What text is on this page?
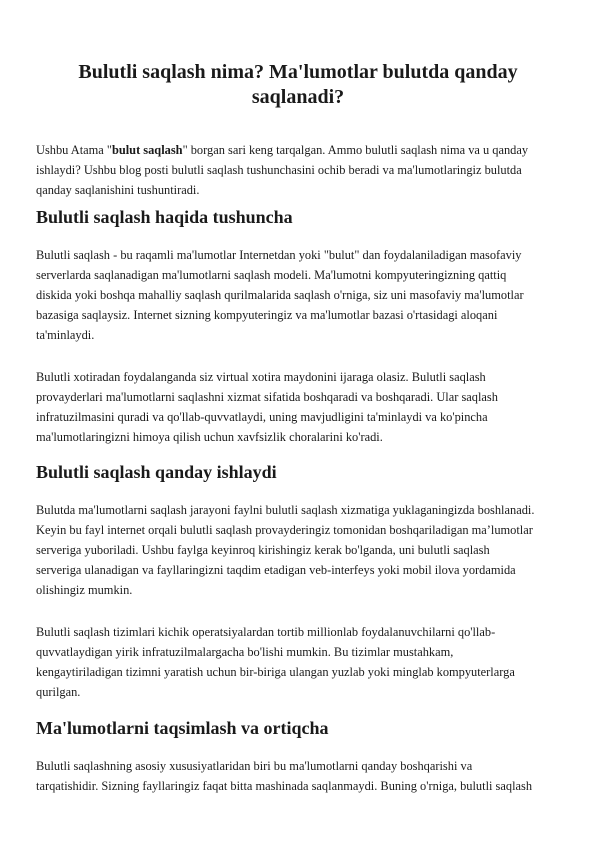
Bulutli saqlash nima? Ma'lumotlar bulutda qanday
saqlanadi?
Ushbu Atama "bulut saqlash" borgan sari keng tarqalgan. Ammo bulutli saqlash nima va u qanday
ishlaydi? Ushbu blog posti bulutli saqlash tushunchasini ochib beradi va ma'lumotlaringiz bulutda
qanday saqlanishini tushuntiradi.
Bulutli saqlash haqida tushuncha
Bulutli saqlash - bu raqamli ma'lumotlar Internetdan yoki "bulut" dan foydalaniladigan masofaviy
serverlarda saqlanadigan ma'lumotlarni saqlash modeli. Ma'lumotni kompyuteringizning qattiq
diskida yoki boshqa mahalliy saqlash qurilmalarida saqlash o'rniga, siz uni masofaviy ma'lumotlar
bazasiga saqlaysiz. Internet sizning kompyuteringiz va ma'lumotlar bazasi o'rtasidagi aloqani
ta'minlaydi.
Bulutli xotiradan foydalanganda siz virtual xotira maydonini ijaraga olasiz. Bulutli saqlash
provayderlari ma'lumotlarni saqlashni xizmat sifatida boshqaradi va boshqaradi. Ular saqlash
infratuzilmasini quradi va qo'llab-quvvatlaydi, uning mavjudligini ta'minlaydi va ko'pincha
ma'lumotlaringizni himoya qilish uchun xavfsizlik choralarini ko'radi.
Bulutli saqlash qanday ishlaydi
Bulutda ma'lumotlarni saqlash jarayoni faylni bulutli saqlash xizmatiga yuklaganingizda boshlanadi.
Keyin bu fayl internet orqali bulutli saqlash provayderingiz tomonidan boshqariladigan maʼlumotlar
serveriga yuboriladi. Ushbu faylga keyinroq kirishingiz kerak bo'lganda, uni bulutli saqlash
serveriga ulanadigan va fayllaringizni taqdim etadigan veb-interfeys yoki mobil ilova yordamida
olishingiz mumkin.
Bulutli saqlash tizimlari kichik operatsiyalardan tortib millionlab foydalanuvchilarni qo'llab-
quvvatlaydigan yirik infratuzilmalargacha bo'lishi mumkin. Bu tizimlar mustahkam,
kengaytiriladigan tizimni yaratish uchun bir-biriga ulangan yuzlab yoki minglab kompyuterlarga
qurilgan.
Ma'lumotlarni taqsimlash va ortiqcha
Bulutli saqlashning asosiy xususiyatlaridan biri bu ma'lumotlarni qanday boshqarishi va
tarqatishidir. Sizning fayllaringiz faqat bitta mashinada saqlanmaydi. Buning o'rniga, bulutli saqlash
